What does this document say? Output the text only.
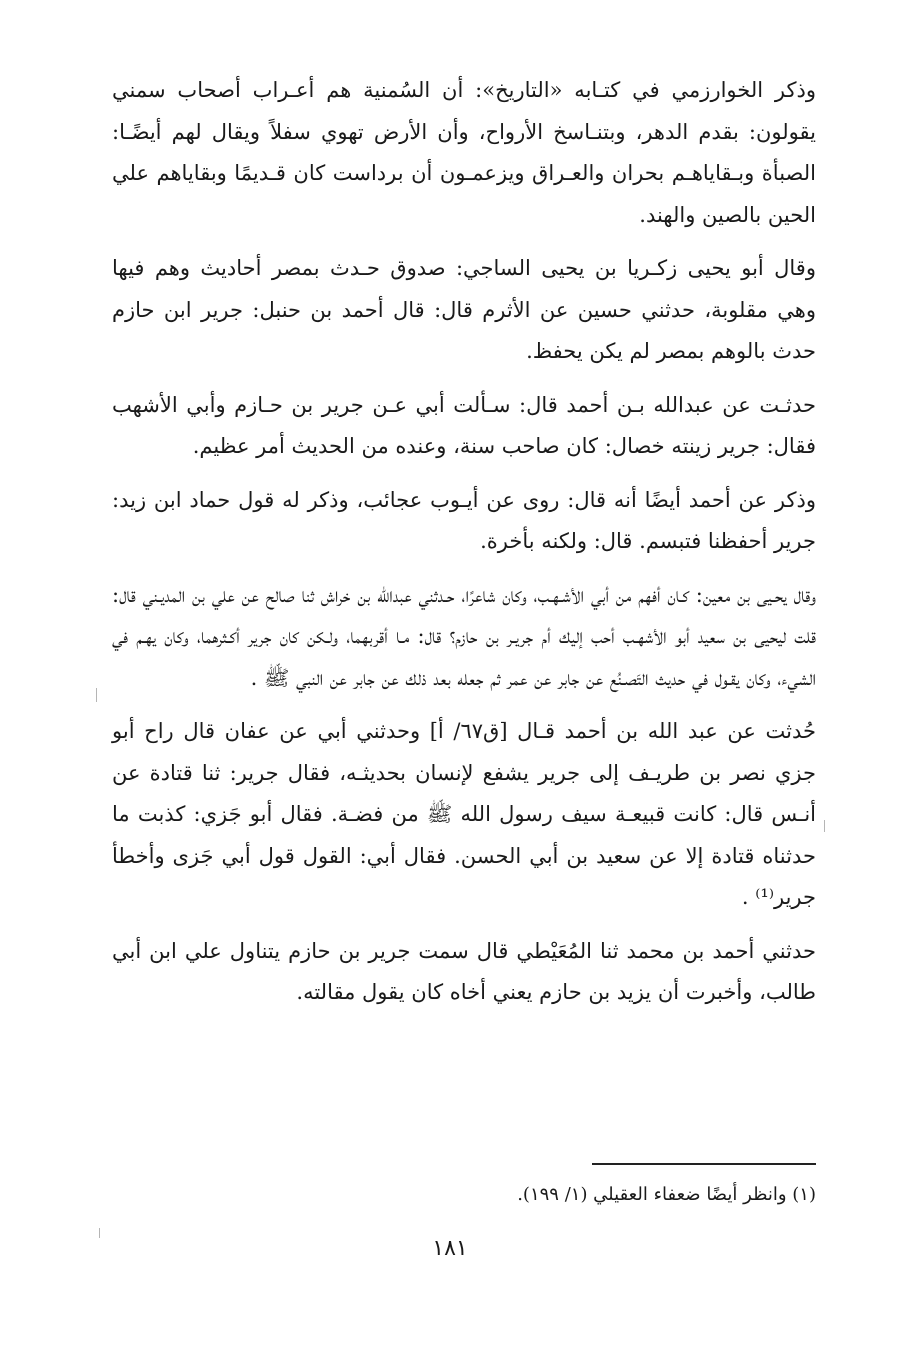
وذكر الخوارزمي في كتـابه «التاريخ»: أن السُمنية هم أعـراب أصحاب سمني يقولون: بقدم الدهر، وبتنـاسخ الأرواح، وأن الأرض تهوي سفلاً ويقال لهم أيضًـا: الصبأة وبـقاياهـم بحران والعـراق ويزعمـون أن برداست كان قـديمًا وبقاياهم علي الحين بالصين والهند.

وقال أبو يحيى زكـريا بن يحيى الساجي: صدوق حـدث بمصر أحاديث وهم فيها وهي مقلوبة، حدثني حسين عن الأثرم قال: قال أحمد بن حنبل: جرير ابن حازم حدث بالوهم بمصر لم يكن يحفظ.

حدثـت عن عبدالله بـن أحمد قال: سـألت أبي عـن جرير بن حـازم وأبي الأشهب فقال: جرير زينته خصال: كان صاحب سنة، وعنده من الحديث أمر عظيم.

وذكر عن أحمد أيضًا أنه قال: روى عن أيـوب عجائب، وذكر له قول حماد ابن زيد: جرير أحفظنا فتبسم. قال: ولكنه بأخرة.

وقال يحـيى بن معين: كـان أفهم من أبي الأشـهـب، وكان شاعرًا، حـدثني عبدالله بن خراش ثنا صالح عن علي بن المديـني قال: قلت ليحيى بن سعيد أبو الأشهـب أحب إليك أم جريـر بن حازم؟ قال: مـا أقربهما، ولـكن كان جرير أكـثرهما، وكان يهـم في الشيء، وكان يقـول في حديث التَصـنُع عن جابر عن عمر ثم جعله بعد ذلك عن جابر عن النبي ﷺ .

حُدثت عن عبد الله بن أحمد قـال [ق٦٧/ أ] وحدثني أبي عن عفان قال راح أبو جزي نصر بن طريـف إلى جرير يشفع لإنسان بحديثـه، فقال جرير: ثنا قتادة عن أنـس قال: كانت قبيعـة سيف رسول الله ﷺ من فضـة. فقال أبو جَزي: كذبت ما حدثناه قتادة إلا عن سعيد بن أبي الحسن. فقال أبي: القول قول أبي جَزى وأخطأ جرير⁽¹⁾ .

حدثني أحمد بن محمد ثنا المُعَيْطي قال سمت جرير بن حازم يتناول علي ابن أبي طالب، وأخبرت أن يزيد بن حازم يعني أخاه كان يقول مقالته.

(١) وانظر أيضًا ضعفاء العقيلي (١/ ١٩٩).
١٨١
